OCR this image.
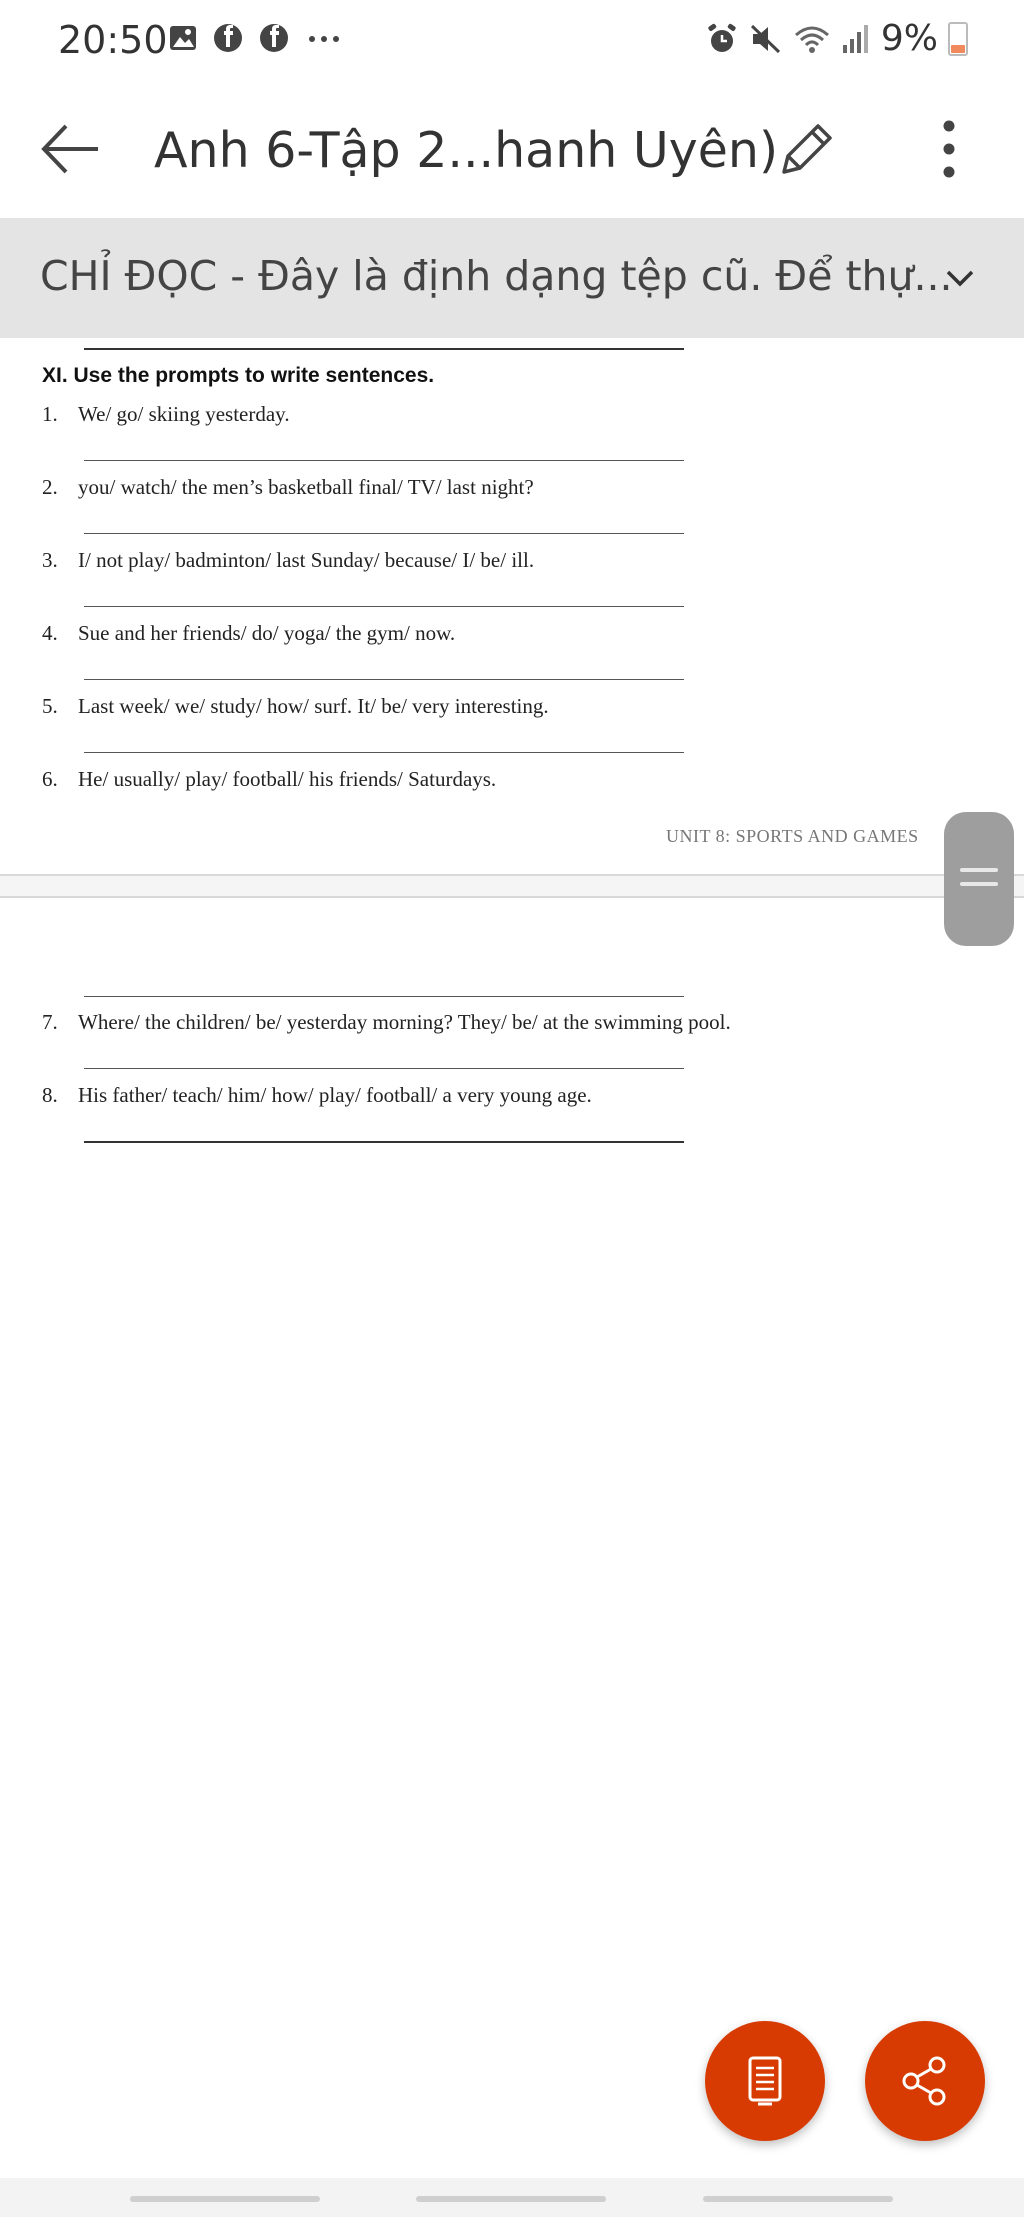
20:50	9%
Anh 6-Tập 2...hanh Uyên)
CHỈ ĐỌC - Đây là định dạng tệp cũ. Để thự...
XI. Use the prompts to write sentences.
1. We/ go/ skiing yesterday.
2. you/ watch/ the men’s basketball final/ TV/ last night?
3. I/ not play/ badminton/ last Sunday/ because/ I/ be/ ill.
4. Sue and her friends/ do/ yoga/ the gym/ now.
5. Last week/ we/ study/ how/ surf. It/ be/ very interesting.
6. He/ usually/ play/ football/ his friends/ Saturdays.
UNIT 8: SPORTS AND GAMES
7. Where/ the children/ be/ yesterday morning? They/ be/ at the swimming pool.
8. His father/ teach/ him/ how/ play/ football/ a very young age.
